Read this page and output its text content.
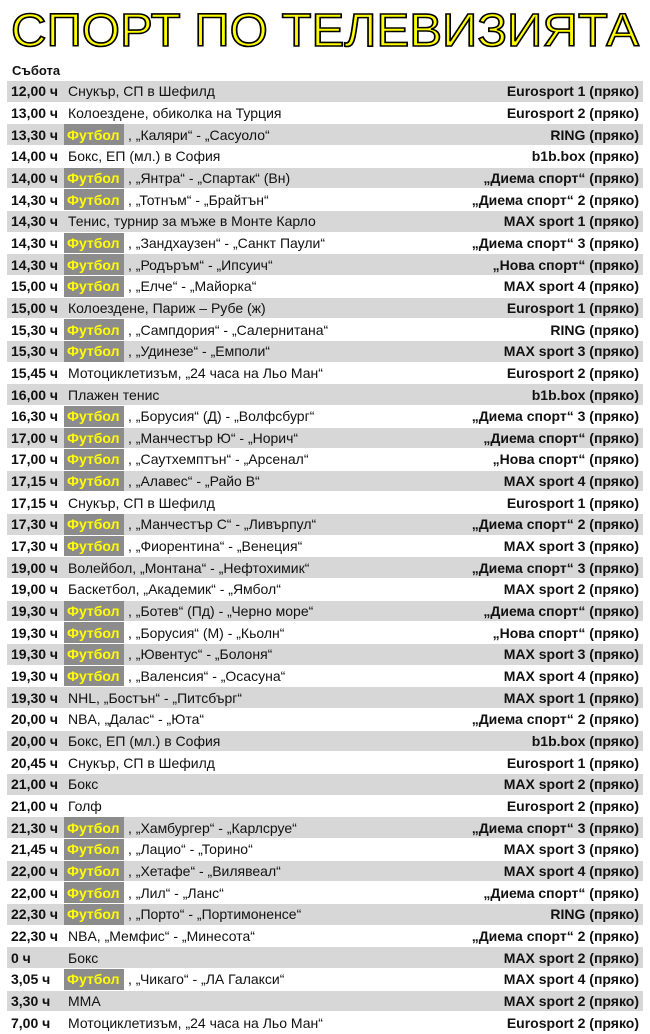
СПОРТ ПО ТЕЛЕВИЗИЯТА
Събота
12,00 ч Снукър, СП в Шефилд	Eurosport 1 (пряко)
13,00 ч Колоездене, обиколка на Турция	Eurosport 2 (пряко)
13,30 ч Футбол , „Каляри“ - „Сасуоло“	RING (пряко)
14,00 ч Бокс, ЕП (мл.) в София	b1b.box (пряко)
14,00 ч Футбол , „Янтра“ - „Спартак“ (Вн)	„Диема спорт“ (пряко)
14,30 ч Футбол , „Тотнъм“ - „Брайтън“	„Диема спорт“ 2 (пряко)
14,30 ч Тенис, турнир за мъже в Монте Карло	MAX sport 1 (пряко)
14,30 ч Футбол , „Зандхаузен“ - „Санкт Паули“	„Диема спорт“ 3 (пряко)
14,30 ч Футбол , „Родъръм“ - „Ипсуич“	„Нова спорт“ (пряко)
15,00 ч Футбол , „Елче“ - „Майорка“	MAX sport 4 (пряко)
15,00 ч Колоездене, Париж – Рубе (ж)	Eurosport 1 (пряко)
15,30 ч Футбол , „Сампдория“ - „Салернитана“	RING (пряко)
15,30 ч Футбол , „Удинезе“ - „Емполи“	MAX sport 3 (пряко)
15,45 ч Мотоциклетизъм, „24 часа на Льо Ман“	Eurosport 2 (пряко)
16,00 ч Плажен тенис	b1b.box (пряко)
16,30 ч Футбол , „Борусия“ (Д) - „Волфсбург“	„Диема спорт“ 3 (пряко)
17,00 ч Футбол , „Манчестър Ю“ - „Норич“	„Диема спорт“ (пряко)
17,00 ч Футбол , „Саутхемптън“ - „Арсенал“	„Нова спорт“ (пряко)
17,15 ч Футбол , „Алавес“ - „Райо В“	MAX sport 4 (пряко)
17,15 ч Снукър, СП в Шефилд	Eurosport 1 (пряко)
17,30 ч Футбол , „Манчестър С“ - „Ливърпул“	„Диема спорт“ 2 (пряко)
17,30 ч Футбол , „Фиорентина“ - „Венеция“	MAX sport 3 (пряко)
19,00 ч Волейбол, „Монтана“ - „Нефтохимик“	„Диема спорт“ 3 (пряко)
19,00 ч Баскетбол, „Академик“ - „Ямбол“	MAX sport 2 (пряко)
19,30 ч Футбол , „Ботев“ (Пд) - „Черно море“	„Диема спорт“ (пряко)
19,30 ч Футбол , „Борусия“ (М) - „Кьолн“	„Нова спорт“ (пряко)
19,30 ч Футбол , „Ювентус“ - „Болоня“	MAX sport 3 (пряко)
19,30 ч Футбол , „Валенсия“ - „Осасуна“	MAX sport 4 (пряко)
19,30 ч NHL, „Бостън“ - „Питсбърг“	MAX sport 1 (пряко)
20,00 ч NBA, „Далас“ - „Юта“	„Диема спорт“ 2 (пряко)
20,00 ч Бокс, ЕП (мл.) в София	b1b.box (пряко)
20,45 ч Снукър, СП в Шефилд	Eurosport 1 (пряко)
21,00 ч Бокс	MAX sport 2 (пряко)
21,00 ч Голф	Eurosport 2 (пряко)
21,30 ч Футбол , „Хамбургер“ - „Карлсруе“	„Диема спорт“ 3 (пряко)
21,45 ч Футбол , „Лацио“ - „Торино“	MAX sport 3 (пряко)
22,00 ч Футбол , „Хетафе“ - „Вилявеал“	MAX sport 4 (пряко)
22,00 ч Футбол , „Лил“ - „Ланс“	„Диема спорт“ (пряко)
22,30 ч Футбол , „Порто“ - „Портимоненсе“	RING (пряко)
22,30 ч NBA, „Мемфис“ - „Минесота“	„Диема спорт“ 2 (пряко)
0 ч	Бокс	MAX sport 2 (пряко)
3,05 ч	Футбол , „Чикаго“ - „ЛА Галакси“	MAX sport 4 (пряко)
3,30 ч	MMA	MAX sport 2 (пряко)
7,00 ч	Мотоциклетизъм, „24 часа на Льо Ман“	Eurosport 2 (пряко)
